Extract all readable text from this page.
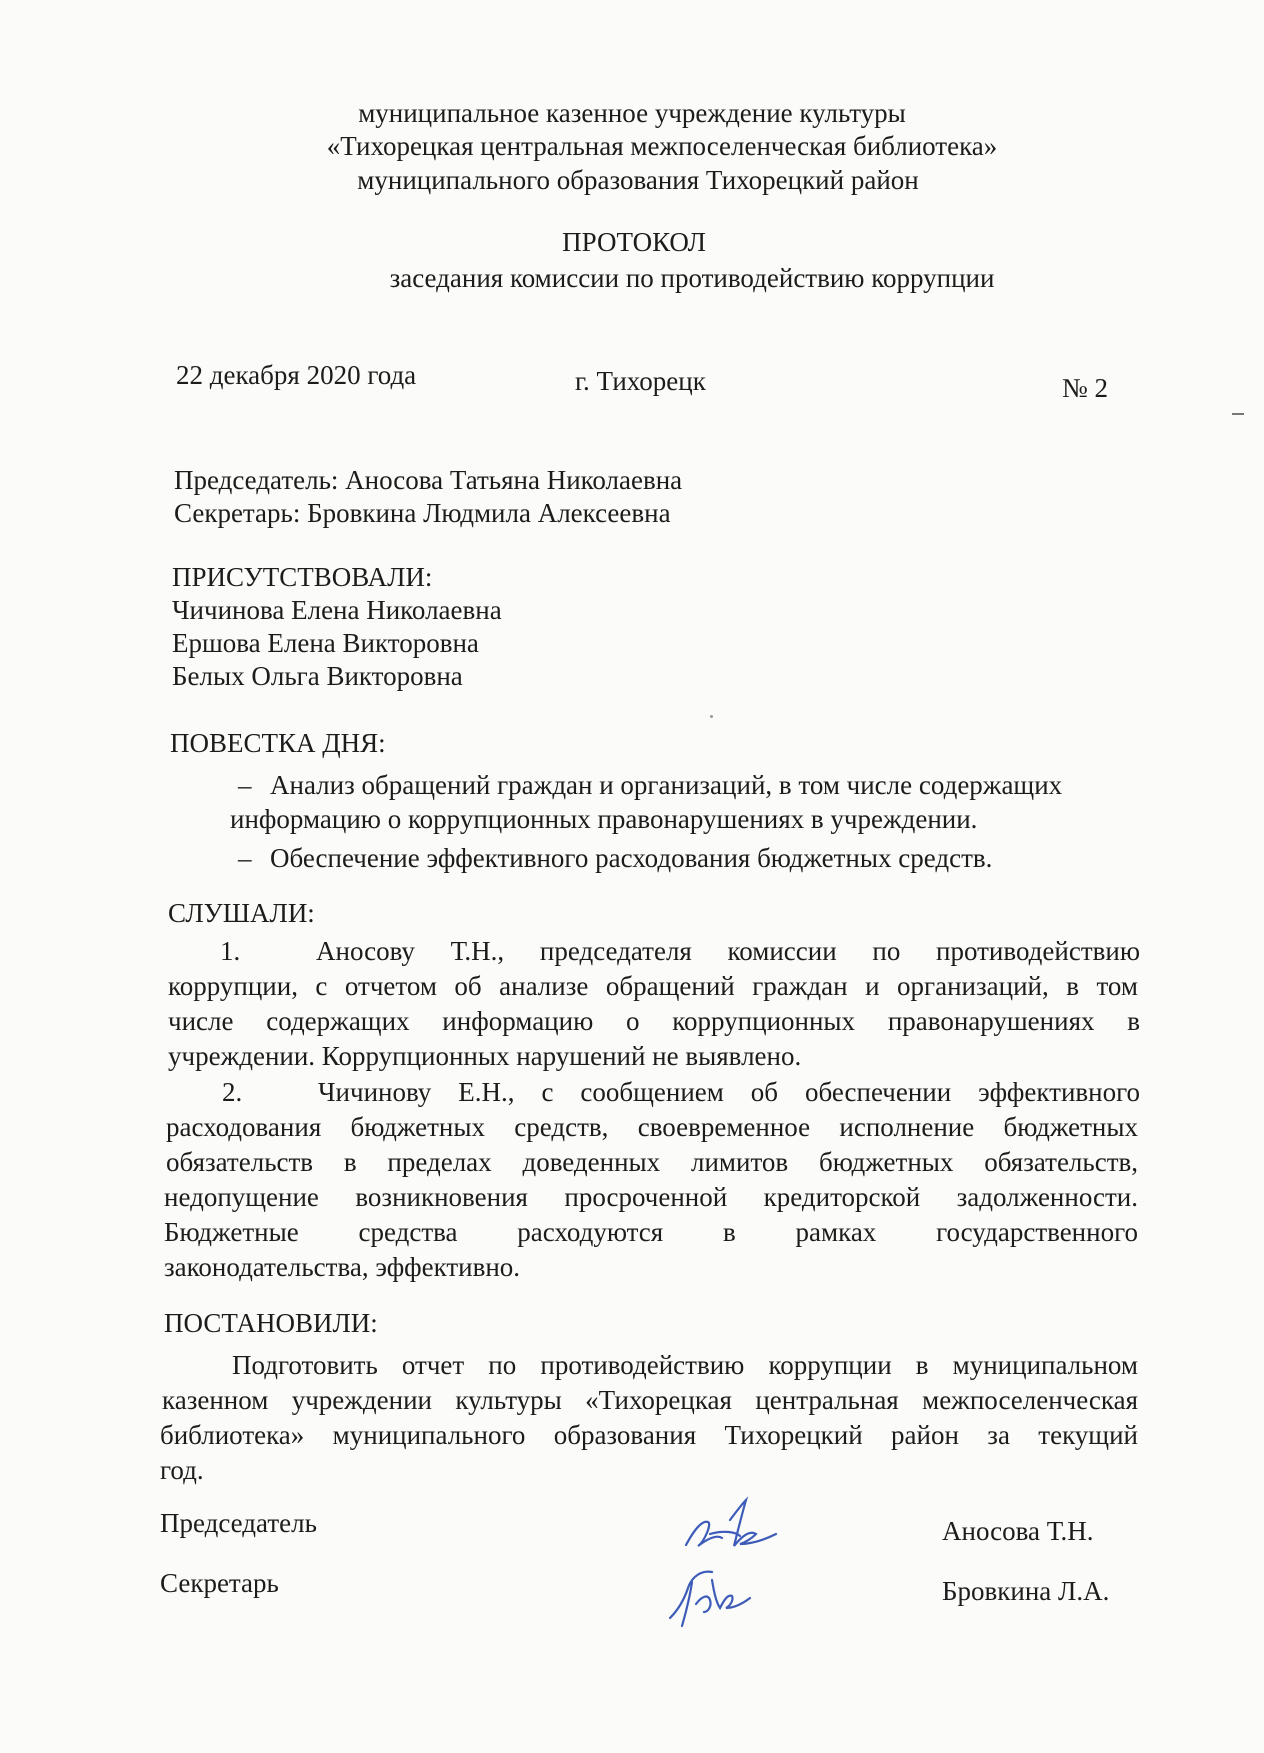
муниципальное казенное учреждение культуры
«Тихорецкая центральная межпоселенческая библиотека»
муниципального образования Тихорецкий район
ПРОТОКОЛ
заседания комиссии по противодействию коррупции
22 декабря 2020 года	г. Тихорецк	№ 2
Председатель: Аносова Татьяна Николаевна
Секретарь: Бровкина Людмила Алексеевна
ПРИСУТСТВОВАЛИ:
Чичинова Елена Николаевна
Ершова Елена Викторовна
Белых Ольга Викторовна
ПОВЕСТКА ДНЯ:
– Анализ обращений граждан и организаций, в том числе содержащих
информацию о коррупционных правонарушениях в учреждении.
– Обеспечение эффективного расходования бюджетных средств.
СЛУШАЛИ:
1.	Аносову Т.Н., председателя комиссии по противодействию
коррупции, с отчетом об анализе обращений граждан и организаций, в том
числе содержащих информацию о коррупционных правонарушениях в
учреждении. Коррупционных нарушений не выявлено.
2.	Чичинову Е.Н., с сообщением об обеспечении эффективного
расходования бюджетных средств, своевременное исполнение бюджетных
обязательств в пределах доведенных лимитов бюджетных обязательств,
недопущение возникновения просроченной кредиторской задолженности.
Бюджетные средства расходуются в рамках государственного
законодательства, эффективно.
ПОСТАНОВИЛИ:
Подготовить отчет по противодействию коррупции в муниципальном
казенном учреждении культуры «Тихорецкая центральная межпоселенческая
библиотека» муниципального образования Тихорецкий район за текущий
год.
Председатель	Аносова Т.Н.
Секретарь	Бровкина Л.А.
